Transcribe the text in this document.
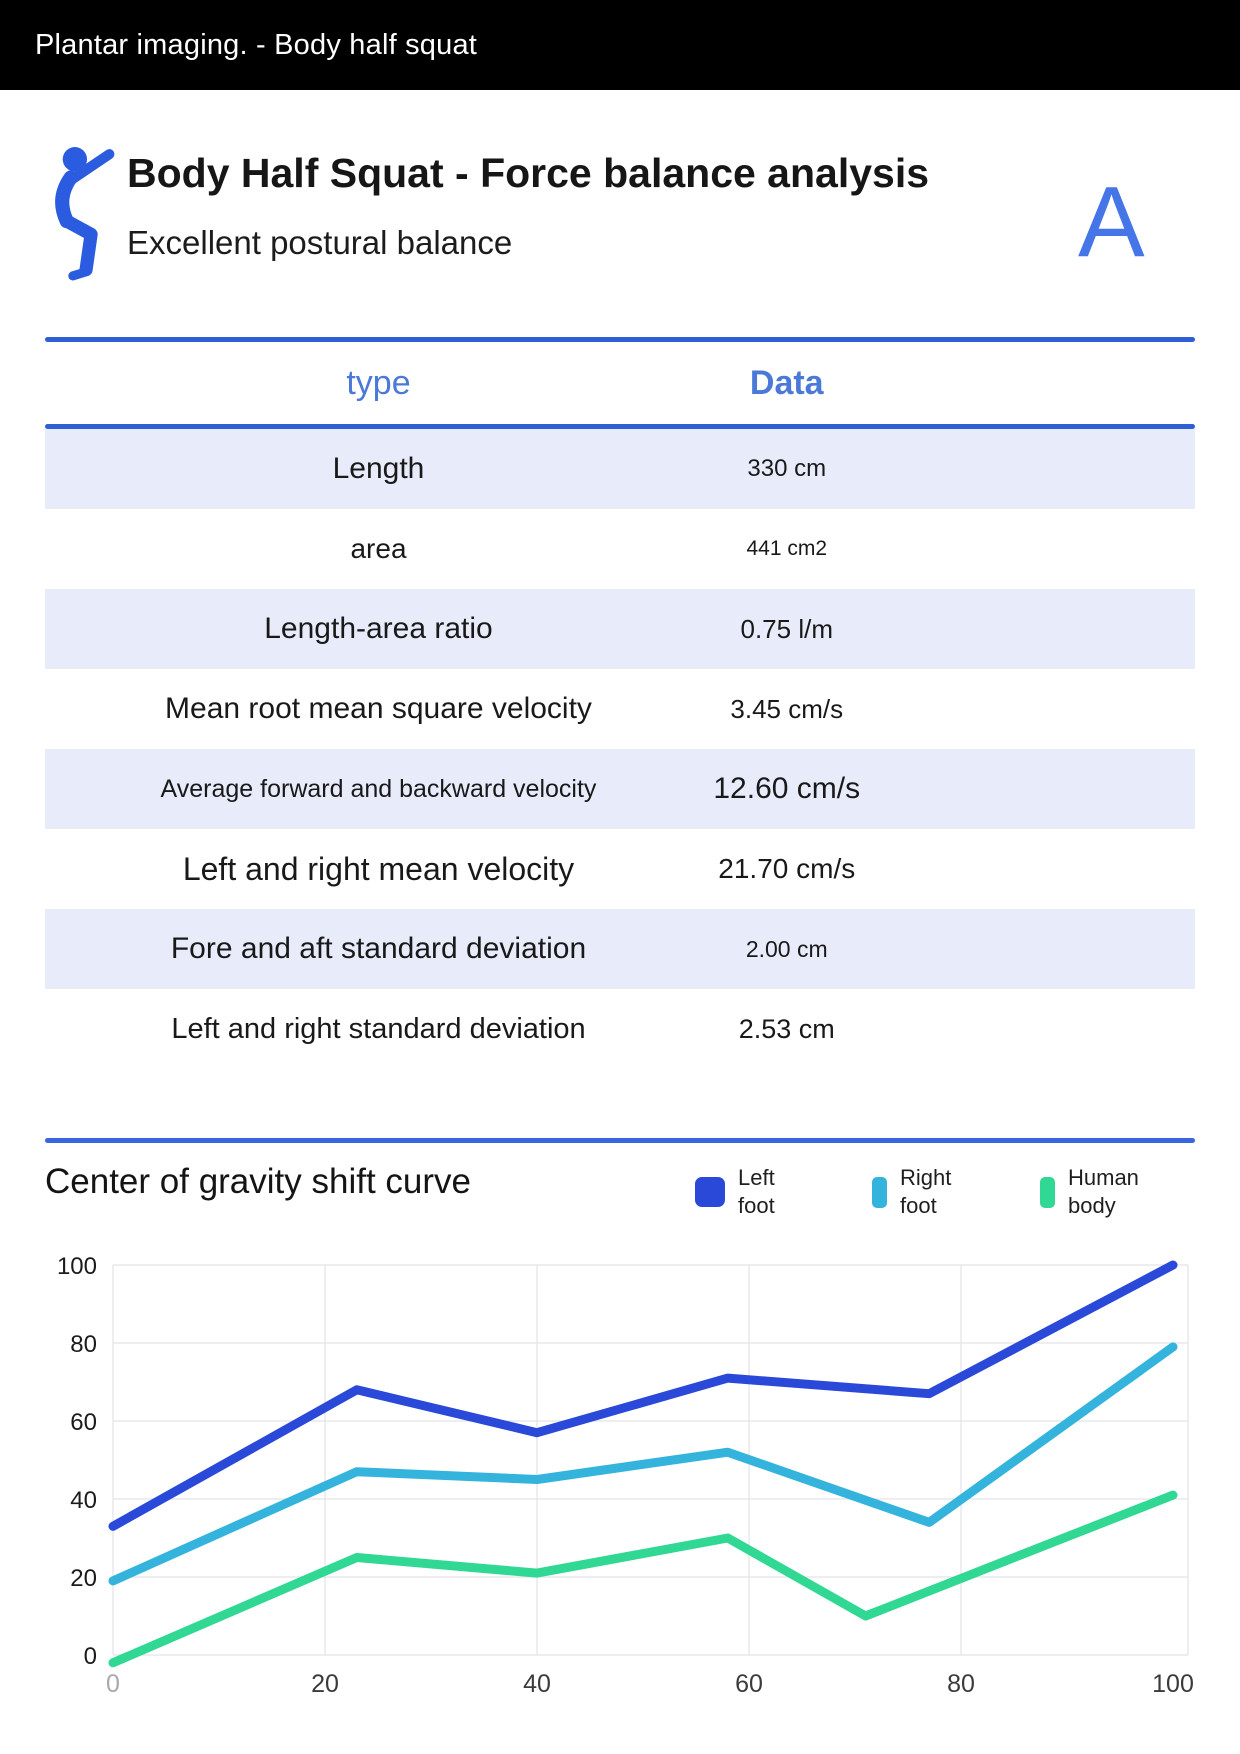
Plantar imaging. - Body half squat
Body Half Squat - Force balance analysis
Excellent postural balance	A
type	Data
Length	330 cm
area	441 cm2
Length-area ratio	0.75 l/m
Mean root mean square velocity	3.45 cm/s
Average forward and backward velocity	12.60 cm/s
Left and right mean velocity	21.70 cm/s
Fore and aft standard deviation	2.00 cm
Left and right standard deviation	2.53 cm
Center of gravity shift curve	Left foot
Right foot
Human body
0
20
40
60
80
100
0	20	40	60	80	100
